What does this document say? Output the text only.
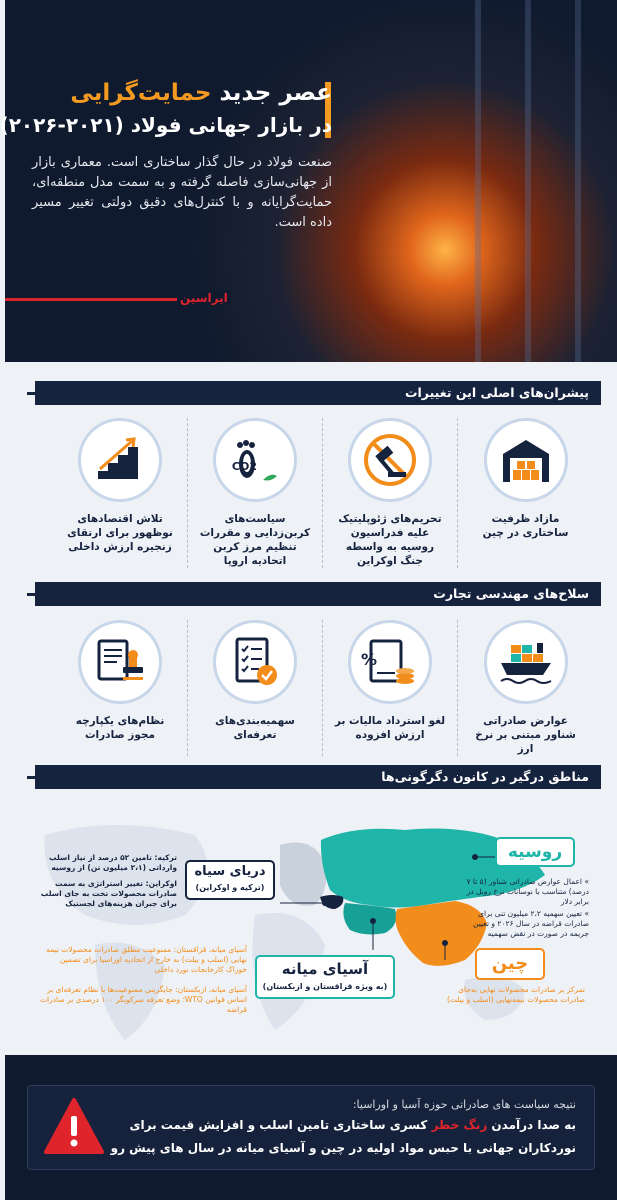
عصر جدید حمایت‌گرایی
در بازار جهانی فولاد (۲۰۲۱-۲۰۲۶)
صنعت فولاد در حال گذار ساختاری است. معماری بازار از جهانی‌سازی فاصله گرفته و به سمت مدل منطقه‌ای، حمایت‌گرایانه و با کنترل‌های دقیق دولتی تغییر مسیر داده است.
ایراسین
پیشران‌های اصلی این تغییرات
مازاد ظرفیت ساختاری در چین
تحریم‌های ژئوپلیتیک علیه فدراسیون روسیه به واسطه جنگ اوکراین
CO2
سیاست‌های کربن‌زدایی و مقررات تنظیم مرز کربن اتحادیه اروپا
تلاش اقتصادهای نوظهور برای ارتقای زنجیره ارزش داخلی
سلاح‌های مهندسی تجارت
عوارض صادراتی شناور مبتنی بر نرخ ارز
%
لغو استرداد مالیات بر ارزش افزوده
سهمیه‌بندی‌های تعرفه‌ای
نظام‌های یکپارچه مجوز صادرات
مناطق درگیر در کانون دگرگونی‌ها
روسیه
» اعمال عوارض صادراتی شناور (۵ تا ۷ درصد) متناسب با نوسانات نرخ روبل در برابر دلار
» تعیین سهمیه ۲،۲ میلیون تنی برای صادرات قراضه در سال ۲۰۲۶ و تعیین جریمه در صورت در نقض سهمیه
چین
تمرکز بر صادرات محصولات نهایی به‌جای صادرات محصولات نیمه‌نهایی (اسلب و بیلت)
دریای سیاه
(ترکیه و اوکراین)
ترکیه: تامین ۵۲ درصد از نیاز اسلب وارداتی (۲،۱ میلیون تن) از روسیه
اوکراین: تغییر استراتژی به سمت صادرات محصولات تخت به جای اسلب برای جبران هزینه‌های لجستیک
آسیای میانه
(به ویژه قزاقستان و ازبکستان)
آسیای میانه، قزاقستان: ممنوعیت مطلق صادرات محصولات نیمه نهایی (اسلب و بیلت) به خارج از اتحادیه اوراسیا برای تضمین خوراک کارخانجات نورد داخلی
آسیای میانه، ازبکستان: جایگزینی ممنوعیت‌ها با نظام تعرفه‌ای بر اساس قوانین WTO؛ وضع تعرفه سرکوبگر ۱۰۰ درصدی بر صادرات قراضه
نتیجه سیاست‌ های صادراتی حوزه آسیا و اوراسیا:
به صدا درآمدن زنگ خطر کسری ساختاری تامین اسلب و افزایش قیمت برای
نوردکاران جهانی با حبس مواد اولیه در چین و آسیای میانه در سال‌ های پیش رو
